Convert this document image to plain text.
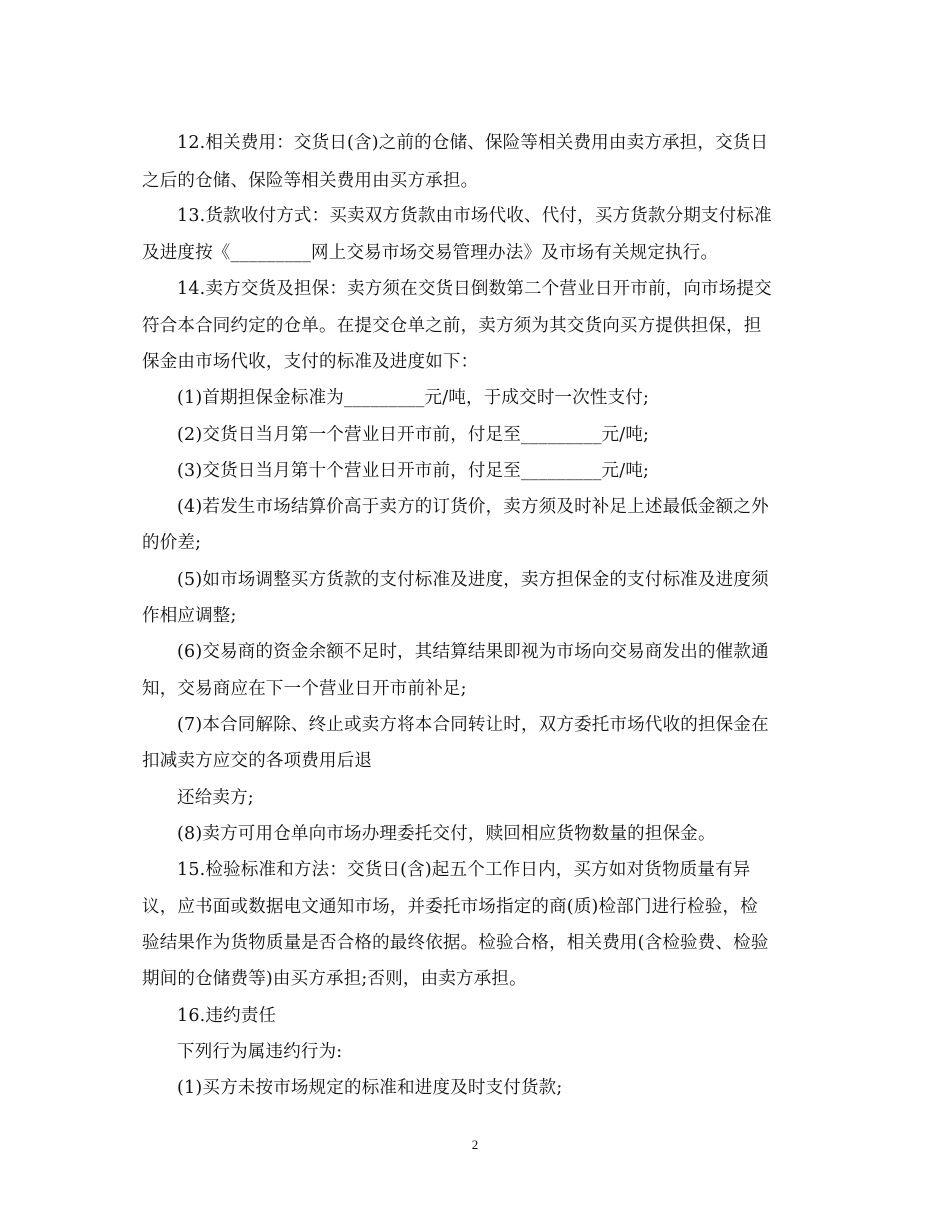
12.相关费用：交货日(含)之前的仓储、保险等相关费用由卖方承担，交货日
之后的仓储、保险等相关费用由买方承担。
13.货款收付方式：买卖双方货款由市场代收、代付，买方货款分期支付标准
及进度按《_________网上交易市场交易管理办法》及市场有关规定执行。
14.卖方交货及担保：卖方须在交货日倒数第二个营业日开市前，向市场提交
符合本合同约定的仓单。在提交仓单之前，卖方须为其交货向买方提供担保，担
保金由市场代收，支付的标准及进度如下：
(1)首期担保金标准为_________元/吨，于成交时一次性支付;
(2)交货日当月第一个营业日开市前，付足至_________元/吨;
(3)交货日当月第十个营业日开市前，付足至_________元/吨;
(4)若发生市场结算价高于卖方的订货价，卖方须及时补足上述最低金额之外
的价差;
(5)如市场调整买方货款的支付标准及进度，卖方担保金的支付标准及进度须
作相应调整;
(6)交易商的资金余额不足时，其结算结果即视为市场向交易商发出的催款通
知，交易商应在下一个营业日开市前补足;
(7)本合同解除、终止或卖方将本合同转让时，双方委托市场代收的担保金在
扣减卖方应交的各项费用后退
还给卖方;
(8)卖方可用仓单向市场办理委托交付，赎回相应货物数量的担保金。
15.检验标准和方法：交货日(含)起五个工作日内，买方如对货物质量有异
议，应书面或数据电文通知市场，并委托市场指定的商(质)检部门进行检验，检
验结果作为货物质量是否合格的最终依据。检验合格，相关费用(含检验费、检验
期间的仓储费等)由买方承担;否则，由卖方承担。
16.违约责任
下列行为属违约行为:
(1)买方未按市场规定的标准和进度及时支付货款;
2
